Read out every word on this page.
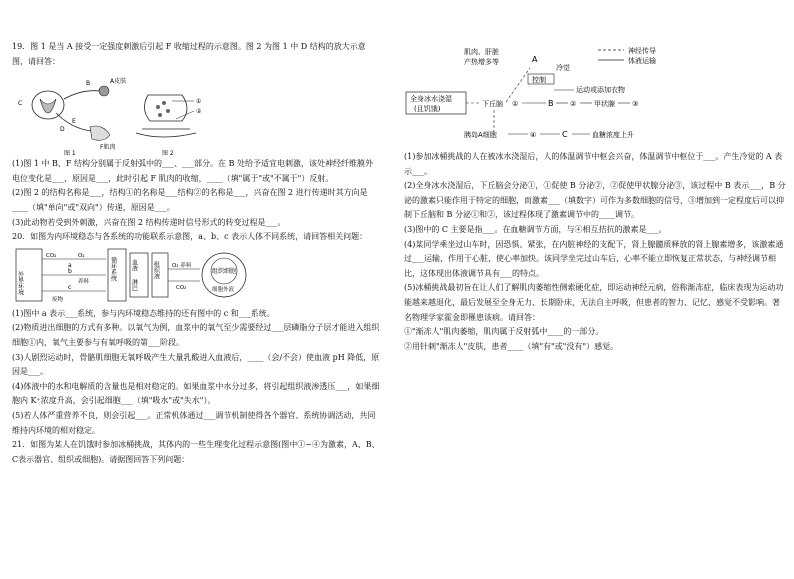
19．图 1 是当 A 接受一定强度刺激后引起 F 收缩过程的示意图。图 2 为图 1 中 D 结构的放大示意图，请回答：

A皮肤
B
C
D
E
F肌肉
图 1
①
②
图 2

(1)图 1 中 B、F 结构分别属于反射弧中的___、___部分。在 B 处给予适宜电刺激，该处神经纤维膜外电位变化是___，原因是___，此时引起 F 肌肉的收缩，____（填"属于"或"不属于"）反射。

(2)图 2 的结构名称是___，结构①的名称是___结构②的名称是___，兴奋在图 2 进行传递时其方向是____（填"单向"或"双向"）传递，原因是___。

(3)此动物若受到外刺激，兴奋在图 2 结构传递时信号形式的转变过程是___。

20．如图为内环境稳态与各系统的功能联系示意图，a、b、c 表示人体不同系统，请回答相关问题：

外界环境
CO₂	O₂
a
b
养料
c
废物
循环系统 血液
淋巴
组织液 O₂ 养料
CO₂
组织细胞
细胞外液

(1)图中 a 表示___系统，参与内环境稳态维持的还有图中的 c 和___系统。

(2)物质进出细胞的方式有多种。以氧气为例，血浆中的氧气至少需要经过___层磷脂分子层才能进入组织细胞①内，氧气主要参与有氧呼吸的第___阶段。

(3)人剧烈运动时，骨骼肌细胞无氧呼吸产生大量乳酸进入血液后，____（会/不会）使血液 pH 降低，原因是___。

(4)体液中的水和电解质的含量也是相对稳定的。如果血浆中水分过多，将引起组织液渗透压___，如果细胞内 K⁺浓度升高，会引起细胞___（填"吸水"或"失水"）。

(5)若人体严重营养不良，则会引起___。正常机体通过___调节机制使得各个器官、系统协调活动，共同维持内环境的相对稳定。

21．如图为某人在饥饿时参加冰桶挑战，其体内的一些生理变化过程示意图(图中①~④为激素，A、B、C表示器官、组织或细胞)。请据图回答下列问题：

肌肉、肝脏
产热增多等	A
冷觉
神经传导
体液运输
控制
运动或添加衣物
全身冰水浇湿
(且饥饿)
下丘脑 ①	B ②	甲状腺 ③
胰岛A细胞	④	C	血糖浓度上升

(1)参加冰桶挑战的人在被冰水浇湿后，人的体温调节中枢会兴奋，体温调节中枢位于___。产生冷觉的 A 表示___。

(2)全身冰水浇湿后，下丘脑会分泌①，①促使 B 分泌②，②促使甲状腺分泌③，该过程中 B 表示___，B 分泌的激素只能作用于特定的细胞，而激素___（填数字）可作为多数细胞的信号，③增加到一定程度后可以抑制下丘脑和 B 分泌①和②，该过程体现了激素调节中的____调节。

(3)图中的 C 主要是指___。在血糖调节方面，与④相互拮抗的激素是___。

(4)某同学乘坐过山车时，因恐惧、紧张，在内脏神经的支配下，肾上腺髓质释放的肾上腺素增多，该激素通过___运输，作用于心脏，使心率加快。该同学坐完过山车后，心率不能立即恢复正常状态，与神经调节相比，这体现出体液调节具有___的特点。

(5)冰桶挑战最初旨在让人们了解肌肉萎缩性侧索硬化症，即运动神经元病，俗称渐冻症，临床表现为运动功能越来越退化，最后发展至全身无力、长期卧床，无法自主呼吸，但患者的智力、记忆、感觉不受影响。著名物理学家霍金即罹患该病。请回答：

①"渐冻人"肌肉萎缩，肌肉属于反射弧中____的一部分。

②用针刺"渐冻人"皮肤，患者____（填"有"或"没有"）感觉。
